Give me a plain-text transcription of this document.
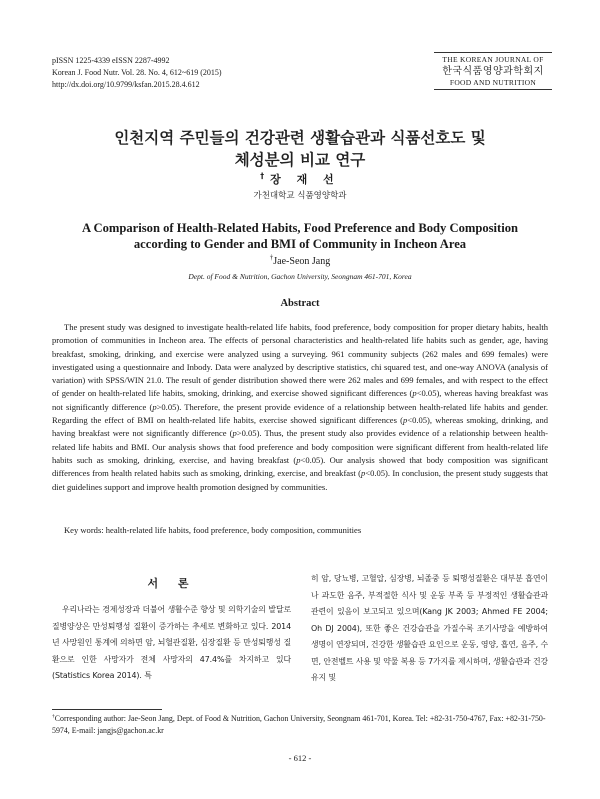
pISSN 1225-4339 eISSN 2287-4992
Korean J. Food Nutr. Vol. 28. No. 4, 612~619 (2015)
http://dx.doi.org/10.9799/ksfan.2015.28.4.612
THE KOREAN JOURNAL OF
한국식품영양과학회지
FOOD AND NUTRITION
인천지역 주민들의 건강관련 생활습관과 식품선호도 및
체성분의 비교 연구
†장 재 선
가천대학교 식품영양학과
A Comparison of Health-Related Habits, Food Preference and Body Composition
according to Gender and BMI of Community in Incheon Area
†Jae-Seon Jang
Dept. of Food & Nutrition, Gachon University, Seongnam 461-701, Korea
Abstract
The present study was designed to investigate health-related life habits, food preference, body composition for proper dietary habits, health promotion of communities in Incheon area. The effects of personal characteristics and health-related life habits such as gender, age, having breakfast, smoking, drinking, and exercise were analyzed using a surveying. 961 community subjects (262 males and 699 females) were investigated using a questionnaire and Inbody. Data were analyzed by descriptive statistics, chi squared test, and one-way ANOVA (analysis of variation) with SPSS/WIN 21.0. The result of gender distribution showed there were 262 males and 699 females, and with respect to the effect of gender on health-related life habits, smoking, drinking, and exercise showed significant differences (p<0.05), whereas having breakfast was not significantly difference (p>0.05). Therefore, the present provide evidence of a relationship between health-related life habits and gender. Regarding the effect of BMI on health-related life habits, exercise showed significant differences (p<0.05), whereas smoking, drinking, and having breakfast were not significantly difference (p>0.05). Thus, the present study also provides evidence of a relationship between health-related life habits and BMI. Our analysis shows that food preference and body composition were significant different from health-related life habits such as smoking, drinking, exercise, and having breakfast (p<0.05). Our analysis showed that body composition was significant differences from health related habits such as smoking, drinking, exercise, and breakfast (p<0.05). In conclusion, the present study suggests that diet guidelines support and improve health promotion designed by communities.
Key words: health-related life habits, food preference, body composition, communities
서 론
우리나라는 경제성장과 더불어 생활수준 향상 및 의학기술의 발달로 질병양상은 만성퇴행성 질환이 증가하는 추세로 변화하고 있다. 2014년 사망원인 통계에 의하면 암, 뇌혈관질환, 심장질환 등 만성퇴행성 질환으로 인한 사망자가 전체 사망자의 47.4%를 차지하고 있다(Statistics Korea 2014). 특
히 암, 당뇨병, 고혈압, 심장병, 뇌졸중 등 퇴행성질환은 대부분 흡연이나 과도한 음주, 부적절한 식사 및 운동 부족 등 부정적인 생활습관과 관련이 있음이 보고되고 있으며(Kang JK 2003; Ahmed FE 2004; Oh DJ 2004), 또한 좋은 건강습관을 가질수록 조기사망을 예방하여 생명이 연장되며, 건강한 생활습관 요인으로 운동, 영양, 흡연, 음주, 수면, 안전벨트 사용 및 약물 복용 등 7가지를 제시하며, 생활습관과 건강유지 및
†Corresponding author: Jae-Seon Jang, Dept. of Food & Nutrition, Gachon University, Seongnam 461-701, Korea. Tel: +82-31-750-4767, Fax: +82-31-750-5974, E-mail: jangjs@gachon.ac.kr
- 612 -
